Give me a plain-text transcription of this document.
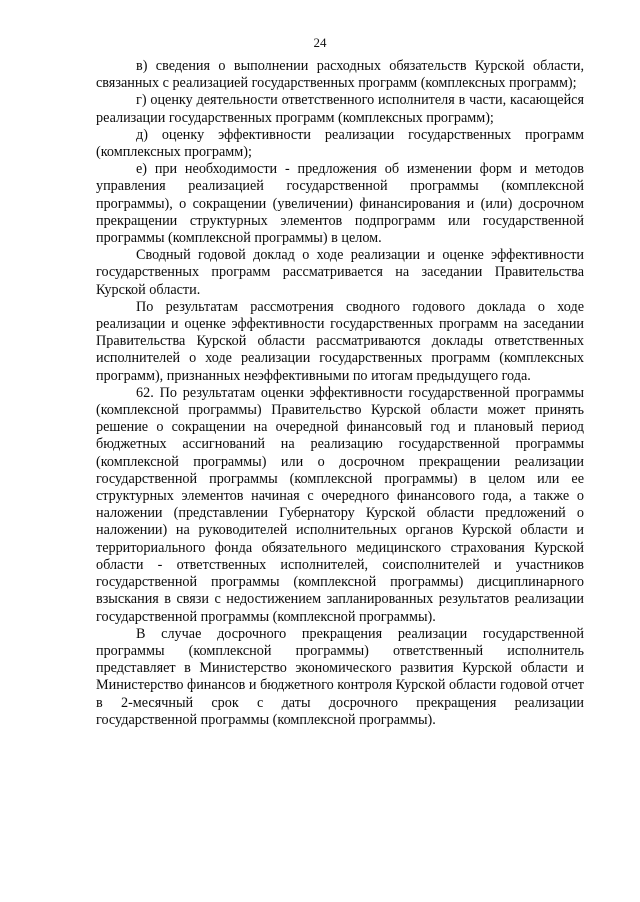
24

в) сведения о выполнении расходных обязательств Курской области, связанных с реализацией государственных программ (комплексных программ);

г) оценку деятельности ответственного исполнителя в части, касающейся реализации государственных программ (комплексных программ);

д) оценку эффективности реализации государственных программ (комплексных программ);

е) при необходимости - предложения об изменении форм и методов управления реализацией государственной программы (комплексной программы), о сокращении (увеличении) финансирования и (или) досрочном прекращении структурных элементов подпрограмм или государственной программы (комплексной программы) в целом.

Сводный годовой доклад о ходе реализации и оценке эффективности государственных программ рассматривается на заседании Правительства Курской области.

По результатам рассмотрения сводного годового доклада о ходе реализации и оценке эффективности государственных программ на заседании Правительства Курской области рассматриваются доклады ответственных исполнителей о ходе реализации государственных программ (комплексных программ), признанных неэффективными по итогам предыдущего года.

62. По результатам оценки эффективности государственной программы (комплексной программы) Правительство Курской области может принять решение о сокращении на очередной финансовый год и плановый период бюджетных ассигнований на реализацию государственной программы (комплексной программы) или о досрочном прекращении реализации государственной программы (комплексной программы) в целом или ее структурных элементов начиная с очередного финансового года, а также о наложении (представлении Губернатору Курской области предложений о наложении) на руководителей исполнительных органов Курской области и территориального фонда обязательного медицинского страхования Курской области - ответственных исполнителей, соисполнителей и участников государственной программы (комплексной программы) дисциплинарного взыскания в связи с недостижением запланированных результатов реализации государственной программы (комплексной программы).

В случае досрочного прекращения реализации государственной программы (комплексной программы) ответственный исполнитель представляет в Министерство экономического развития Курской области и Министерство финансов и бюджетного контроля Курской области годовой отчет в 2-месячный срок с даты досрочного прекращения реализации государственной программы (комплексной программы).
